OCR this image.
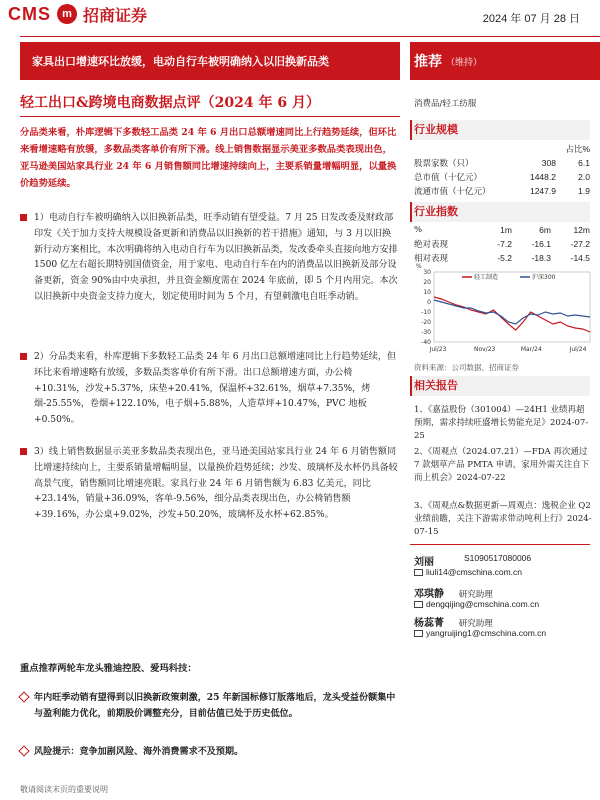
CMS	m 招商证券	2024 年 07 月 28 日
家具出口增速环比放缓，电动自行车被明确纳入以旧换新品类
轻工出口&跨境电商数据点评（2024 年 6 月）
分品类来看，朴库逻辑下多数轻工品类 24 年 6 月出口总额增速同比上行趋势延续，但环比来看增速略有放缓，多数品类客单价有所下滑。线上销售数据显示美亚多数品类表现出色，亚马逊美国站家具行业 24 年 6 月销售额同比增速持续向上，主要系销量增幅明显，以量换价趋势延续。
1）电动自行车被明确纳入以旧换新品类，旺季动销有望受益。7 月 25 日发改委及财政部印发《关于加力支持大规模设备更新和消费品以旧换新的若干措施》通知，与 3 月以旧换新行动方案相比，本次明确将纳入电动自行车为以旧换新品类，发改委牵头直接向地方安排 1500 亿左右超长期特别国债资金，用于家电、电动自行车在内的消费品以旧换新及部分设备更新，资金 90%由中央承担，并且资金额度需在 2024 年底前，即 5 个月内用完。本次以旧换新中央资金支持力度大，划定使用时间为 5 个月，有望刺激电自旺季动销。
2）分品类来看，朴库逻辑下多数轻工品类 24 年 6 月出口总额增速同比上行趋势延续，但环比来看增速略有放缓，多数品类客单价有所下滑。出口总额增速方面，办公椅+10.31%，沙发+5.37%，床垫+20.41%，保温杯+32.61%，烟草+7.35%，烤烟-25.55%，卷烟+122.10%，电子烟+5.88%，人造草坪+10.47%，PVC 地板+0.50%。
3）线上销售数据显示美亚多数品类表现出色，亚马逊美国站家具行业 24 年 6 月销售额同比增速持续向上，主要系销量增幅明显，以量换价趋势延续；沙发、玻璃杯及水杯仍具备较高景气度，销售额同比增速亮眼。家具行业 24 年 6 月销售额为 6.83 亿美元，同比+23.14%，销量+36.09%，客单-9.56%，细分品类表现出色，办公椅销售额+39.16%，办公桌+9.02%，沙发+50.20%，玻璃杯及水杯+62.85%。
重点推荐两轮车龙头雅迪控股、爱玛科技：
年内旺季动销有望得到以旧换新政策刺激，25 年新国标修订版落地后，龙头受益份额集中与盈利能力优化，前期股价调整充分，目前估值已处于历史低位。
风险提示：竞争加剧风险、海外消费需求不及预期。
敬请阅读末页的重要说明
推荐 （维持）
消费品/轻工纺服
行业规模
		占比%
股票家数（只）	308	6.1
总市值（十亿元）	1448.2	2.0
流通市值（十亿元）	1247.9	1.9
行业指数
%	1m	6m	12m
绝对表现	-7.2	-16.1	-27.2
相对表现	-5.2	-18.3	-14.5
30
20
10
0
-10
-20
-30
-40
%
Jul/23	Nov/23	Mar/24	Jul/24
轻工制造	沪深300
资料来源：公司数据、招商证券
相关报告
1、《嘉益股份（301004）—24H1 业绩再超预期，需求持续旺盛增长势能充足》2024-07-25
2、《周观点（2024.07.21）—FDA 再次通过 7 款烟草产品 PMTA 申请，家用外需关注自下而上机会》2024-07-22
3、《周观点&数据更新—周观点：逸税企业 Q2 业绩前瞻，关注下游需求带动吨利上行》2024-07-15
刘丽	S1090517080006
liuli14@cmschina.com.cn
邓琪静 研究助理
dengqijing@cmschina.com.cn
杨蕊菁 研究助理
yangruijing1@cmschina.com.cn
